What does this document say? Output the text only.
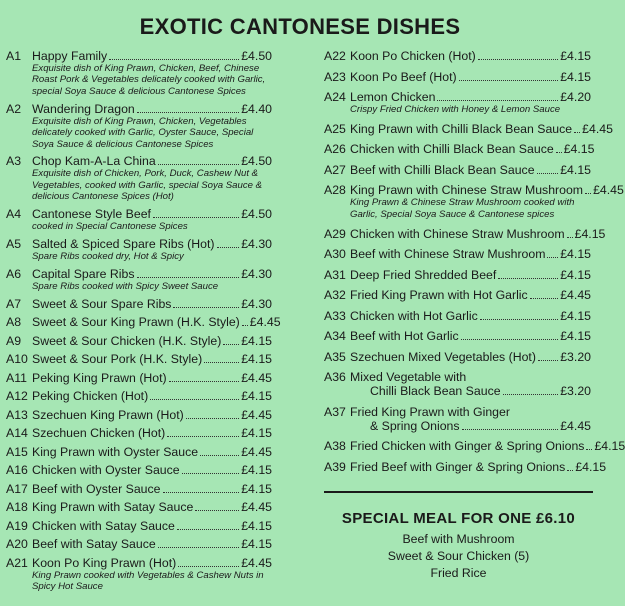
EXOTIC CANTONESE DISHES
A1 Happy Family	£4.50
Exquisite dish of King Prawn, Chicken, Beef, Chinese Roast Pork & Vegetables delicately cooked with Garlic, special Soya Sauce & delicious Cantonese Spices
A2 Wandering Dragon	£4.40
Exquisite dish of King Prawn, Chicken, Vegetables delicately cooked with Garlic, Oyster Sauce, Special Soya Sauce & delicious Cantonese Spices
A3 Chop Kam-A-La China	£4.50
Exquisite dish of Chicken, Pork, Duck, Cashew Nut & Vegetables, cooked with Garlic, special Soya Sauce & delicious Cantonese Spices (Hot)
A4 Cantonese Style Beef	£4.50
cooked in Special Cantonese Spices
A5 Salted & Spiced Spare Ribs (Hot) £4.30
Spare Ribs cooked dry, Hot & Spicy
A6 Capital Spare Ribs	£4.30
Spare Ribs cooked with Spicy Sweet Sauce
A7 Sweet & Sour Spare Ribs	£4.30
A8 Sweet & Sour King Prawn (H.K. Style) £4.45
A9 Sweet & Sour Chicken (H.K. Style) £4.15
A10 Sweet & Sour Pork (H.K. Style)	£4.15
A11 Peking King Prawn (Hot)	£4.45
A12 Peking Chicken (Hot)	£4.15
A13 Szechuen King Prawn (Hot)	£4.45
A14 Szechuen Chicken (Hot)	£4.15
A15 King Prawn with Oyster Sauce	£4.45
A16 Chicken with Oyster Sauce	£4.15
A17 Beef with Oyster Sauce	£4.15
A18 King Prawn with Satay Sauce	£4.45
A19 Chicken with Satay Sauce	£4.15
A20 Beef with Satay Sauce	£4.15
A21 Koon Po King Prawn (Hot)	£4.45
King Prawn cooked with Vegetables & Cashew Nuts in Spicy Hot Sauce
A22 Koon Po Chicken (Hot)	£4.15
A23 Koon Po Beef (Hot)	£4.15
A24 Lemon Chicken	£4.20
Crispy Fried Chicken with Honey & Lemon Sauce
A25 King Prawn with Chilli Black Bean Sauce £4.45
A26 Chicken with Chilli Black Bean Sauce £4.15
A27 Beef with Chilli Black Bean Sauce £4.15
A28 King Prawn with Chinese Straw Mushroom £4.45
King Prawn & Chinese Straw Mushroom cooked with Garlic, Special Soya Sauce & Cantonese spices
A29 Chicken with Chinese Straw Mushroom £4.15
A30 Beef with Chinese Straw Mushroom £4.15
A31 Deep Fried Shredded Beef	£4.15
A32 Fried King Prawn with Hot Garlic	£4.45
A33 Chicken with Hot Garlic	£4.15
A34 Beef with Hot Garlic	£4.15
A35 Szechuen Mixed Vegetables (Hot) £3.20
A36 Mixed Vegetable with
Chilli Black Bean Sauce	£3.20
A37 Fried King Prawn with Ginger
& Spring Onions	£4.45
A38 Fried Chicken with Ginger & Spring Onions £4.15
A39 Fried Beef with Ginger & Spring Onions £4.15
SPECIAL MEAL FOR ONE £6.10
Beef with Mushroom
Sweet & Sour Chicken (5)
Fried Rice
